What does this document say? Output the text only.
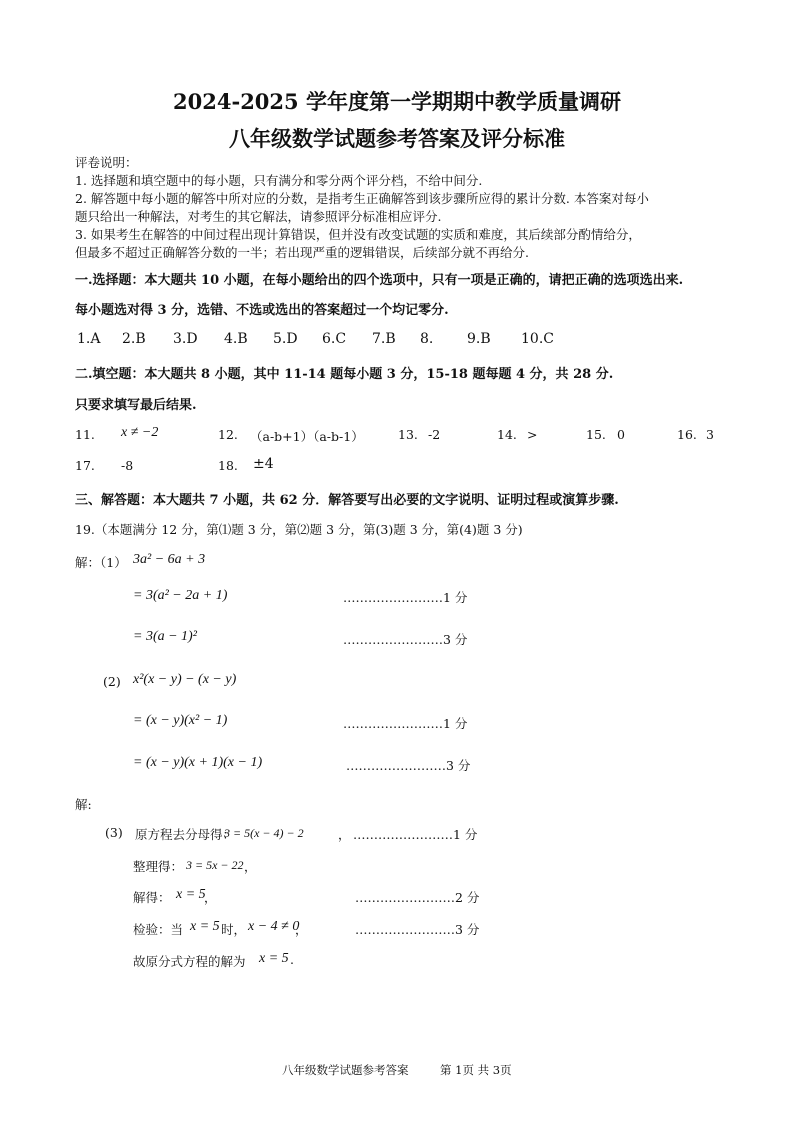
2024-2025 学年度第一学期期中教学质量调研
八年级数学试题参考答案及评分标准
评卷说明：
1. 选择题和填空题中的每小题，只有满分和零分两个评分档，不给中间分.
2. 解答题中每小题的解答中所对应的分数，是指考生正确解答到该步骤所应得的累计分数. 本答案对每小
题只给出一种解法，对考生的其它解法，请参照评分标准相应评分.
3. 如果考生在解答的中间过程出现计算错误，但并没有改变试题的实质和难度，其后续部分酌情给分，
但最多不超过正确解答分数的一半；若出现严重的逻辑错误，后续部分就不再给分.
一.选择题：本大题共 10 小题，在每小题给出的四个选项中，只有一项是正确的，请把正确的选项选出来.
每小题选对得 3 分，选错、不选或选出的答案超过一个均记零分.
1.A 2.B 3.D 4.B 5.D 6.C 7.B 8. 9.B 10.C
二.填空题：本大题共 8 小题，其中 11-14 题每小题 3 分，15-18 题每题 4 分，共 28 分.
只要求填写最后结果.
11. x ≠ −2	12. （a-b+1）（a-b-1）	13. -2	14. >	15. 0	16. 3
17. -8	18. ±4
三、解答题：本大题共 7 小题，共 62 分．解答要写出必要的文字说明、证明过程或演算步骤.
19.（本题满分 12 分，第⑴题 3 分，第⑵题 3 分，第(3)题 3 分，第(4)题 3 分)
解：（1） 3a² − 6a + 3
= 3(a² − 2a + 1)	……………………1 分
= 3(a − 1)²	……………………3 分
(2) x²(x − y) − (x − y)
= (x − y)(x² − 1)	……………………1 分
= (x − y)(x + 1)(x − 1)	……………………3 分
解:
(3) 原方程去分母得：
3 = 5(x − 4) − 2	， ……………………1 分
整理得： 3 = 5x − 22 ，
解得： x = 5
，	……………………2 分
检验：当 x = 5 时， x − 4 ≠ 0
，	……………………3 分
故原分式方程的解为 x = 5 .
八年级数学试题参考答案	第 1页 共 3页
